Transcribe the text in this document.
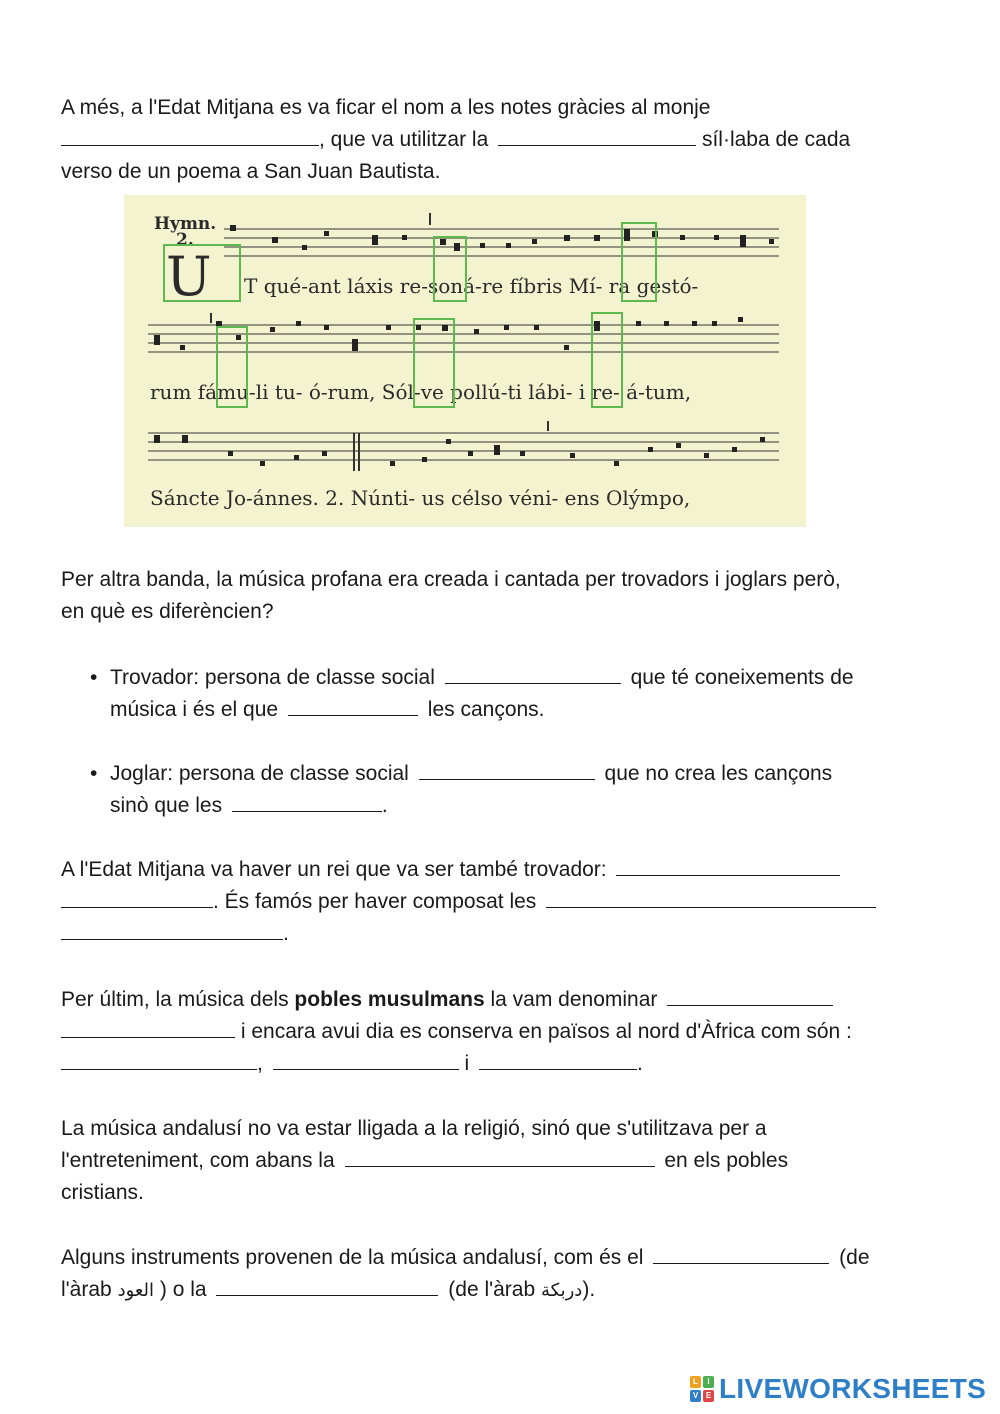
A més, a l'Edat Mitjana es va ficar el nom a les notes gràcies al monje
, que va utilitzar la	síl·laba de cada
verso de un poema a San Juan Bautista.
Hymn.
2.
U T qué-ant láxis re-soná-re fíbris Mí- ra gestó-
rum fámu-li tu- ó-rum, Sól-ve pollú-ti lábi- i re- á-tum,
Sáncte Jo-ánnes. 2. Núnti- us célso véni- ens Olýmpo,
Per altra banda, la música profana era creada i cantada per trovadors i joglars però,
en què es diferèncien?
• Trovador: persona de classe social	que té coneixements de
música i és el que	les cançons.
• Joglar: persona de classe social	que no crea les cançons
sinò que les	.
A l'Edat Mitjana va haver un rei que va ser també trovador:
. És famós per haver composat les
.
Per últim, la música dels pobles musulmans la vam denominar
i encara avui dia es conserva en països al nord d'Àfrica com són :
,	i	.
La música andalusí no va estar lligada a la religió, sinó que s'utilitzava per a
l'entreteniment, com abans la	en els pobles
cristians.
Alguns instruments provenen de la música andalusí, com és el	(de
l'àrab العود ) o la	(de l'àrab دربكة).
L	I
V E LIVEWORKSHEETS
